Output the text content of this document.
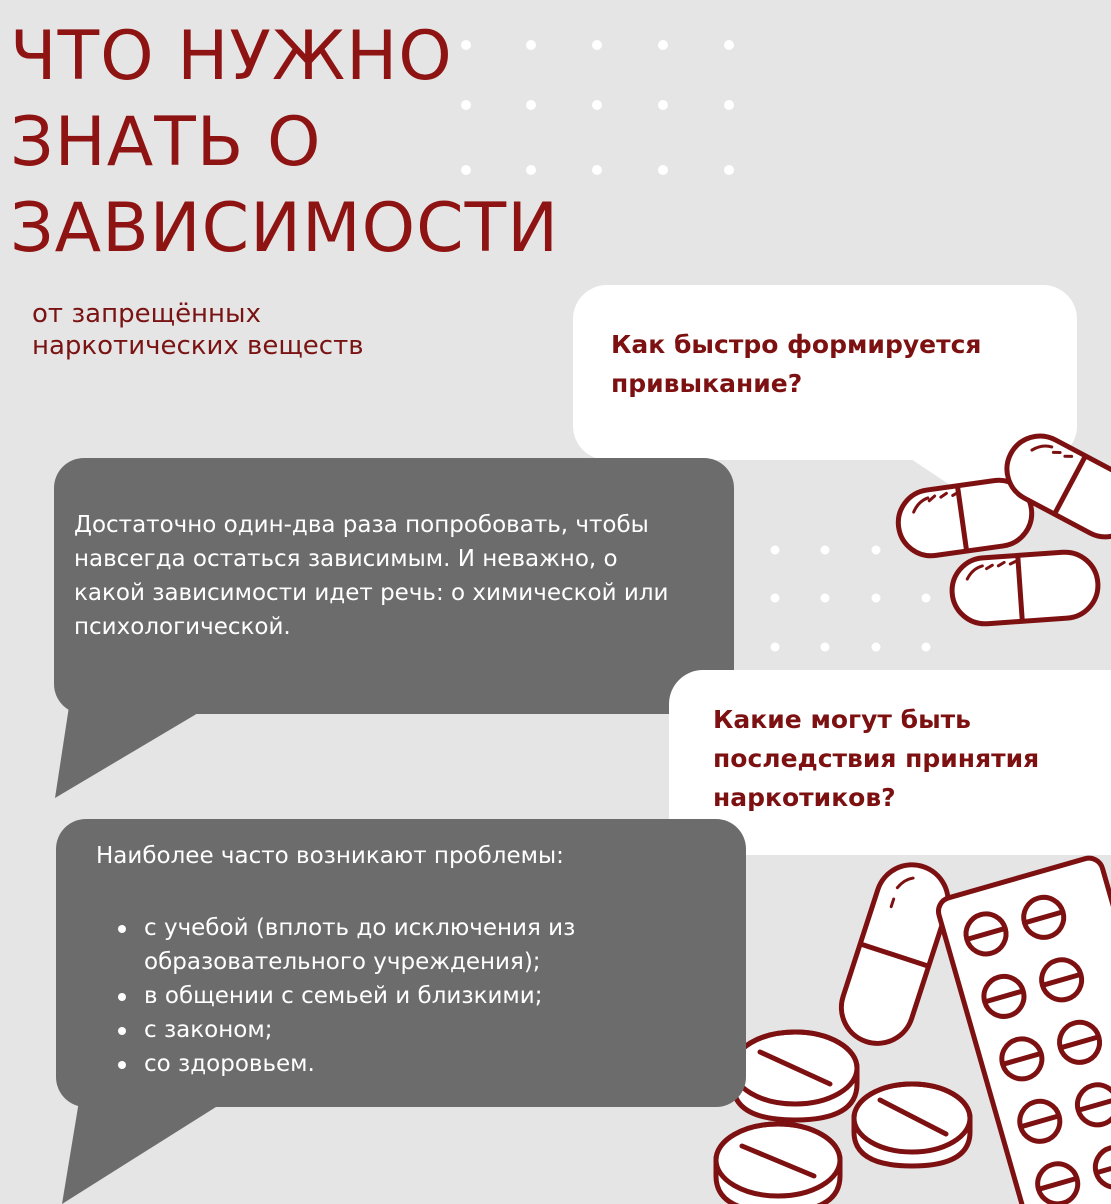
ЧТО НУЖНО
ЗНАТЬ О
ЗАВИСИМОСТИ
от запрещённых
наркотических веществ	Как быстро формируется
привыкание?
Достаточно один-два раза попробовать, чтобы
навсегда остаться зависимым. И неважно, о
какой зависимости идет речь: о химической или
психологической.
Какие могут быть
последствия принятия
наркотиков?

Наиболее часто возникают проблемы:

с учебой (вплоть до исключения из
образовательного учреждения);
в общении с семьей и близкими;
с законом;
со здоровьем.
